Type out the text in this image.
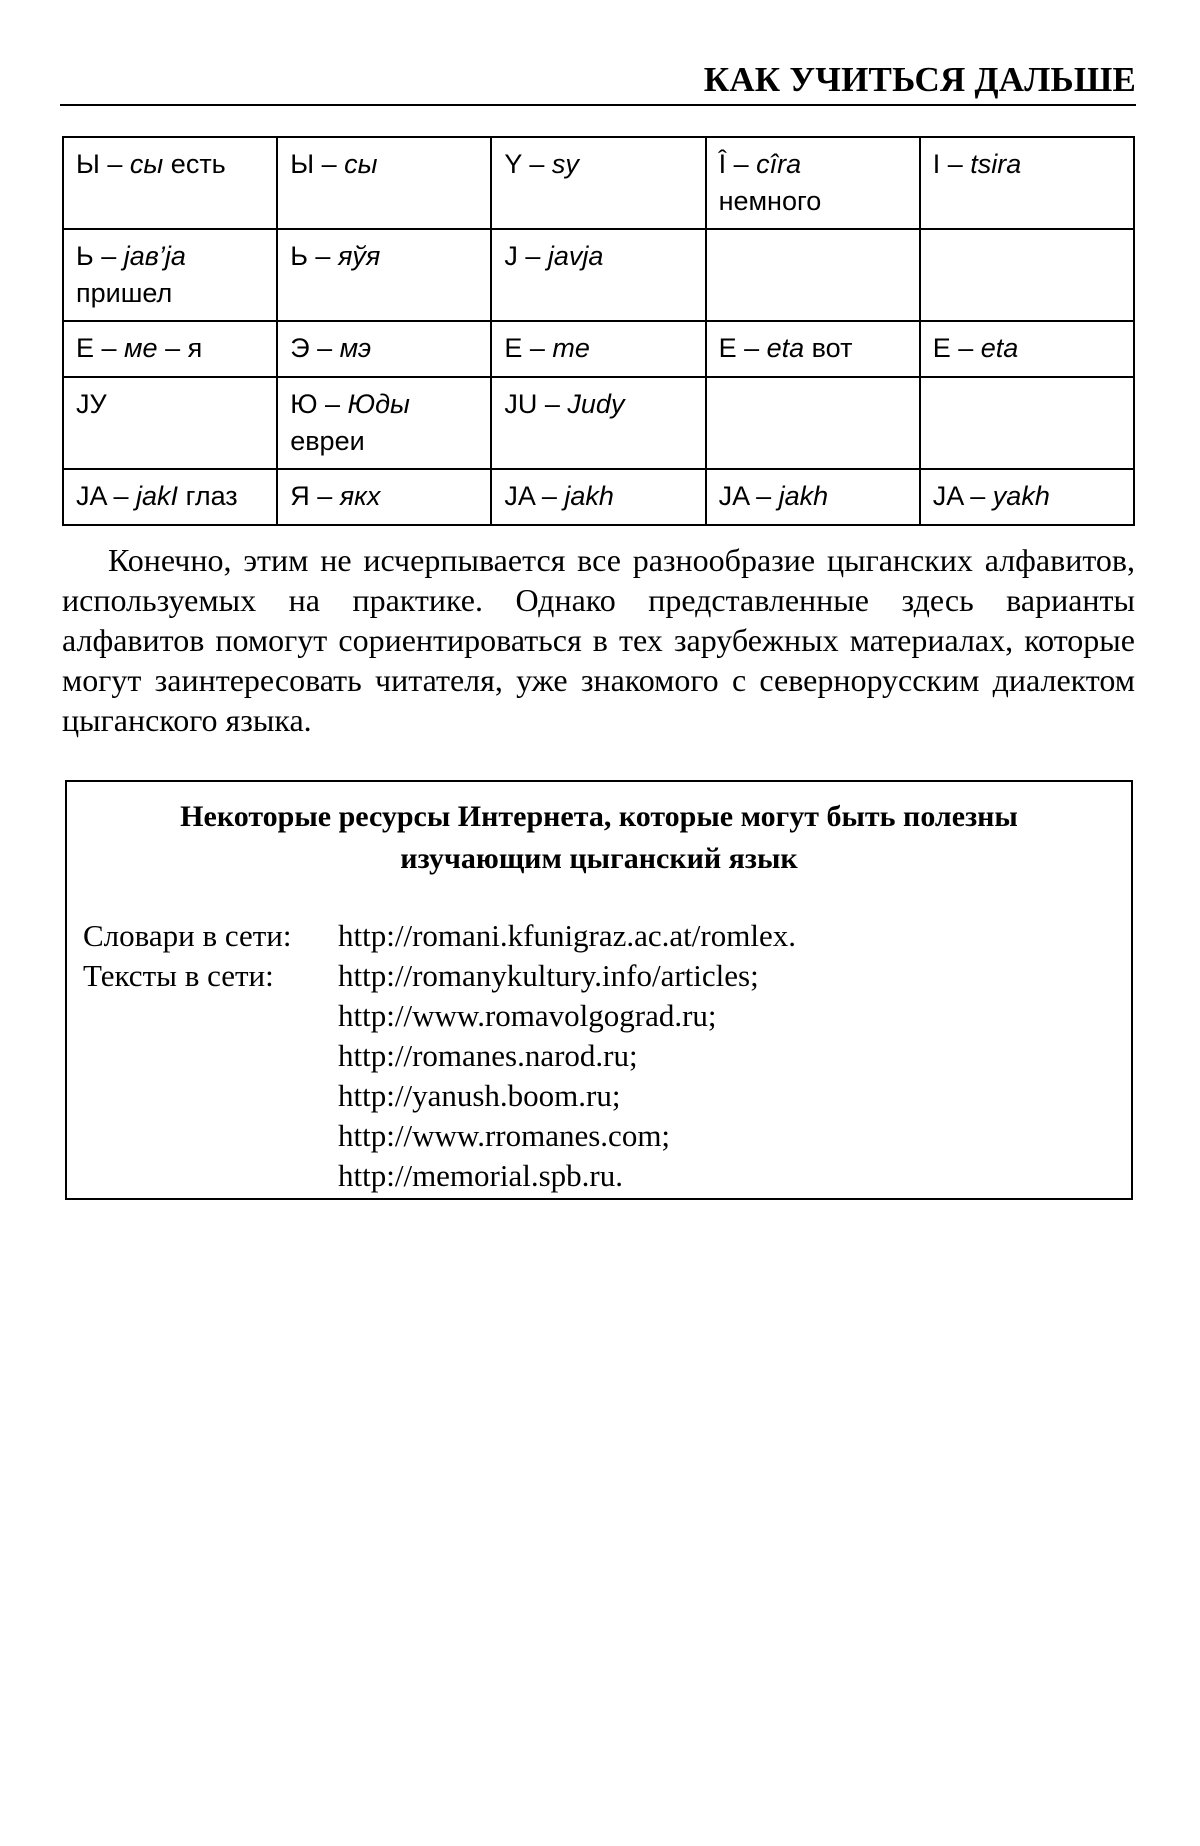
КАК УЧИТЬСЯ ДАЛЬШЕ
Ы – сы есть	Ы – сы	Y – sy	Î – cîra немного	I – tsira
Ь – jaв’ja пришел	Ь – яўя	J – javja		
E – ме – я	Э – мэ	E – me	E – eta вот	E – eta
JУ	Ю – Юды евреи	JU – Judy		
JA – jakI глаз	Я – якх	JA – jakh	JA – jakh	JA – yakh

Конечно, этим не исчерпывается все разнообразие цыганских алфавитов, используемых на практике. Однако представленные здесь варианты алфавитов помогут сориентироваться в тех зарубежных материалах, которые могут заинтересовать читателя, уже знакомого с севернорусским диалектом цыганского языка.

Некоторые ресурсы Интернета, которые могут быть полезны
изучающим цыганский язык
Словари в сети: http://romani.kfunigraz.ac.at/romlex.
Тексты в сети: http://romanykultury.info/articles;
http://www.romavolgograd.ru;
http://romanes.narod.ru;
http://yanush.boom.ru;
http://www.rromanes.com;
http://memorial.spb.ru.
